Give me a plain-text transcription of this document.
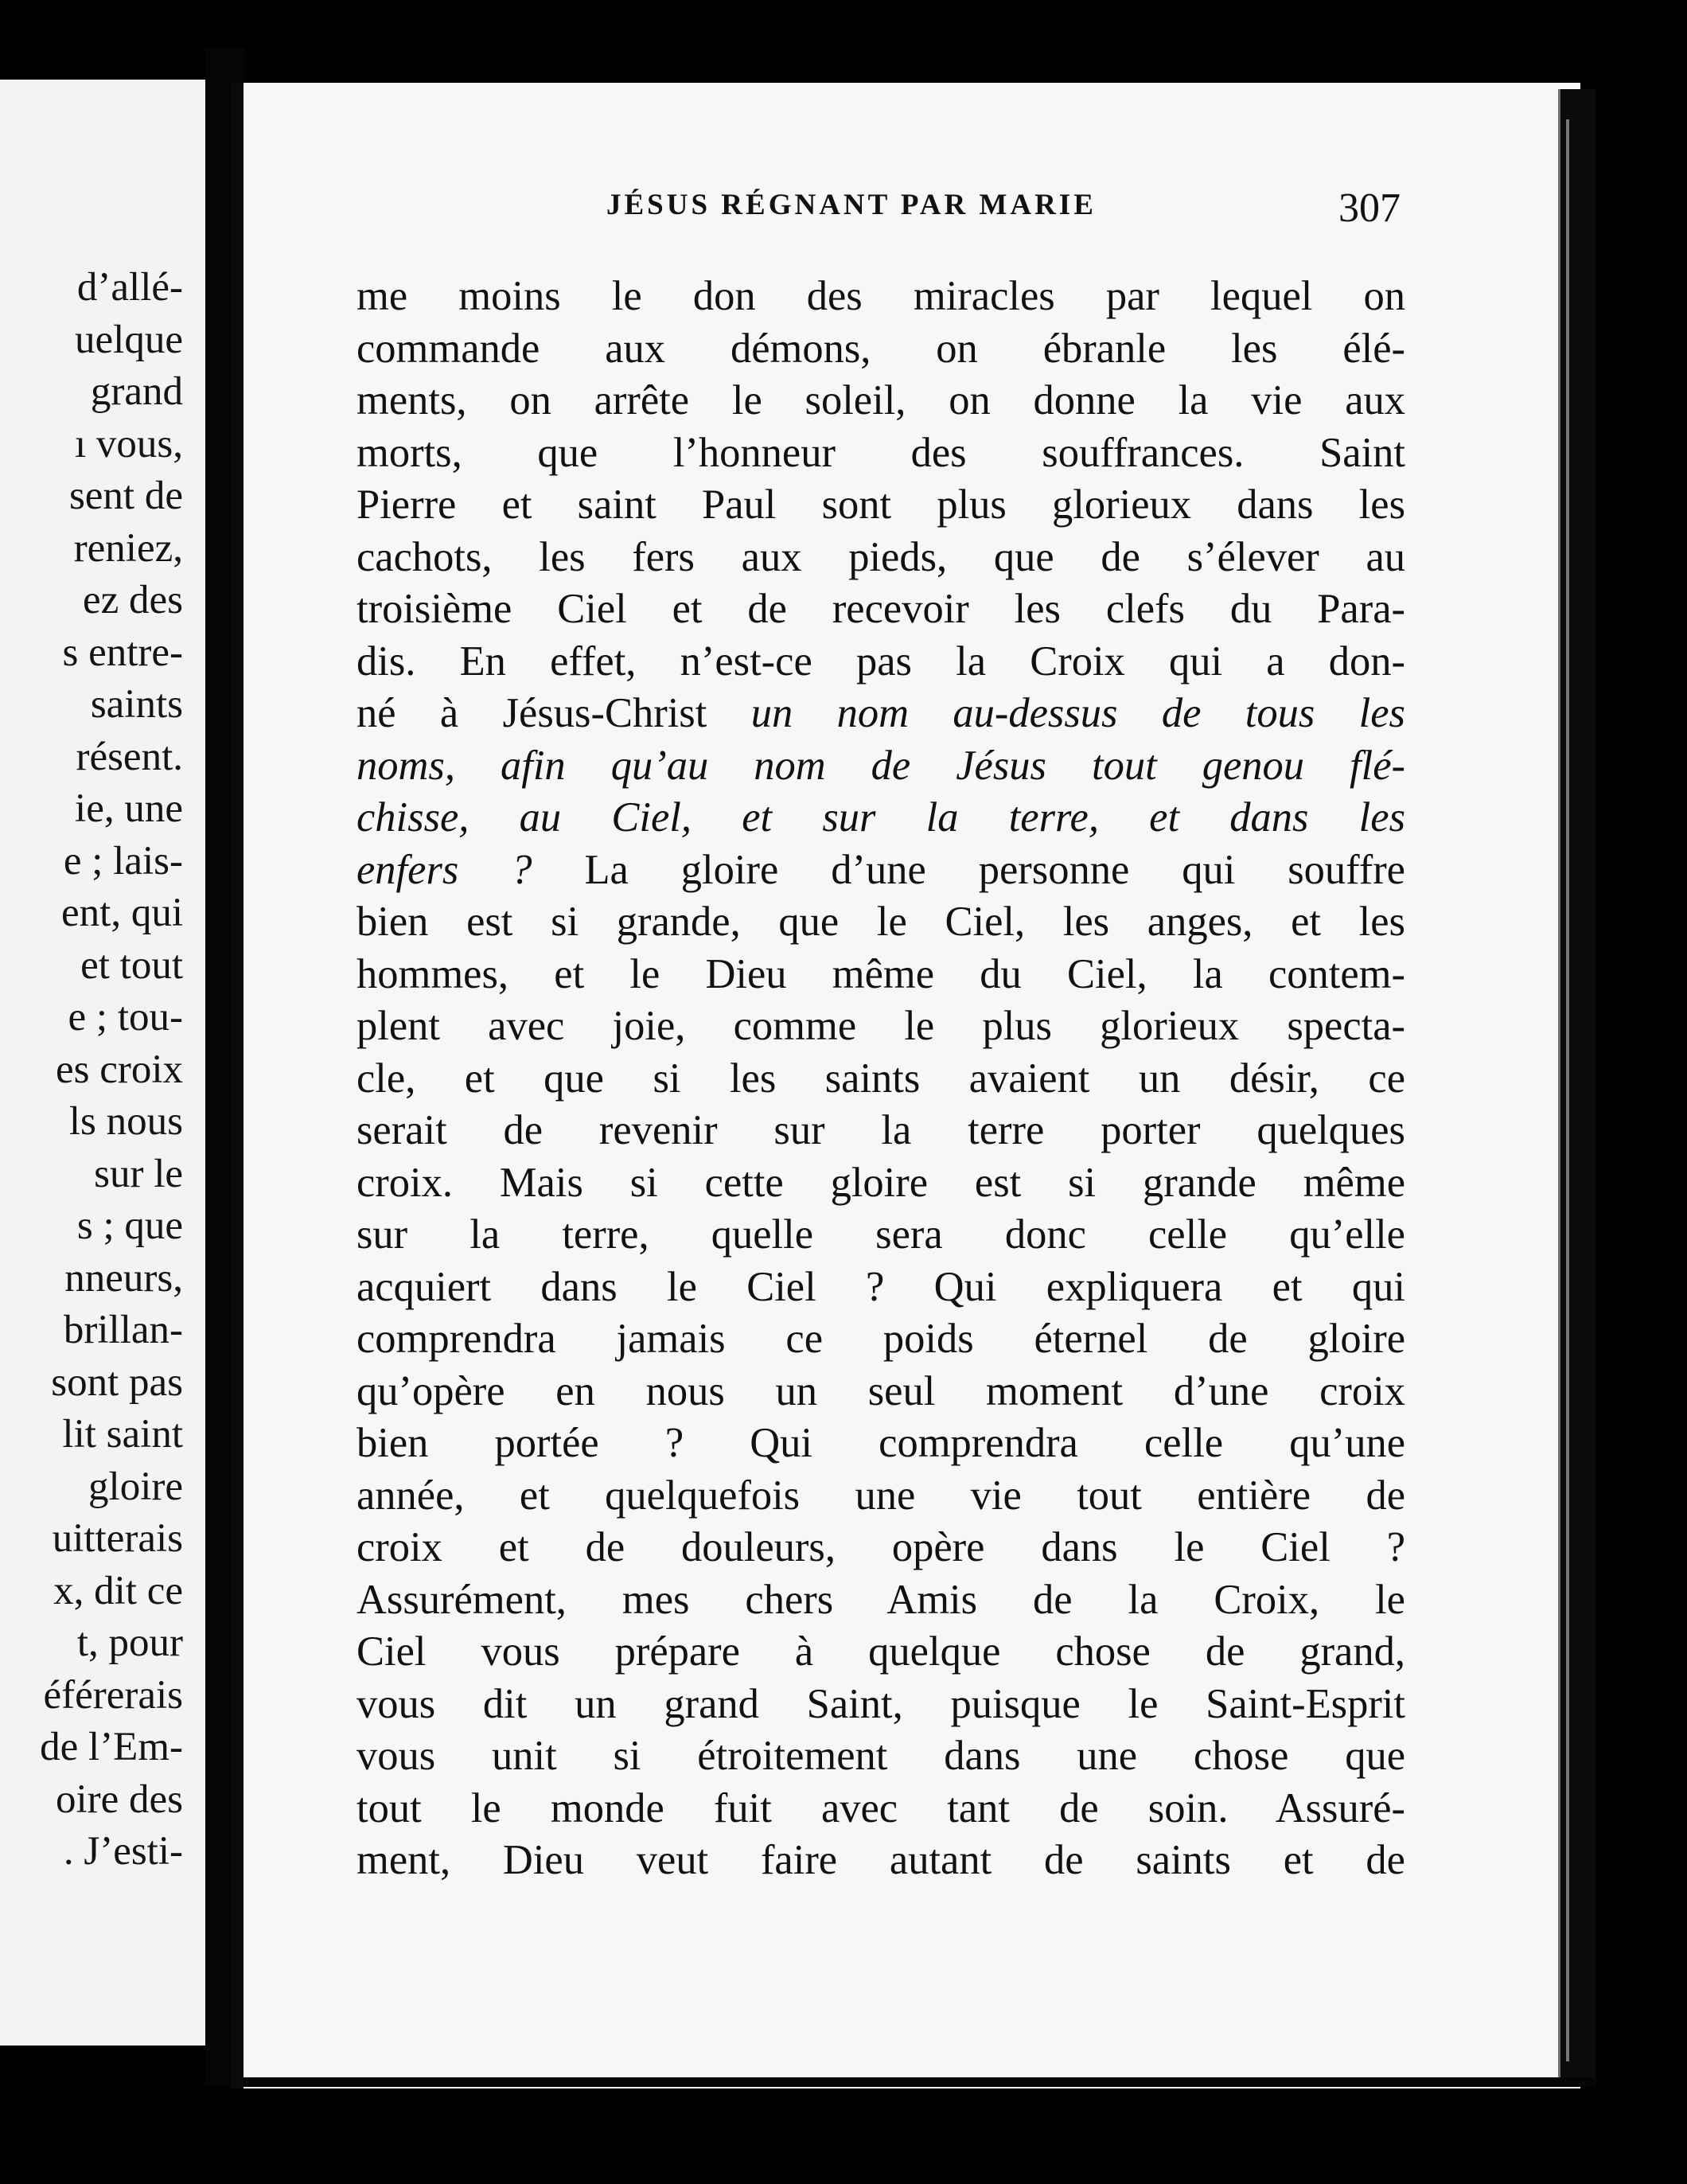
d’allé-
uelque
grand
ı vous,
sent de
reniez,
ez des
s entre-
saints
résent.
ie, une
e ; lais-
ent, qui
et tout
e ; tou-
es croix
ls nous
sur le
s ; que
nneurs,
brillan-
sont pas
lit saint
gloire
uitterais
x, dit ce
t, pour
éférerais
de l’Em-
oire des
. J’esti-
JÉSUS RÉGNANT PAR MARIE	307
me moins le don des miracles par lequel on
commande aux démons, on ébranle les élé-
ments, on arrête le soleil, on donne la vie aux
morts, que l’honneur des souffrances. Saint
Pierre et saint Paul sont plus glorieux dans les
cachots, les fers aux pieds, que de s’élever au
troisième Ciel et de recevoir les clefs du Para-
dis. En effet, n’est-ce pas la Croix qui a don-
né à Jésus-Christ un nom au-dessus de tous les
noms, afin qu’au nom de Jésus tout genou flé-
chisse, au Ciel, et sur la terre, et dans les
enfers ? La gloire d’une personne qui souffre
bien est si grande, que le Ciel, les anges, et les
hommes, et le Dieu même du Ciel, la contem-
plent avec joie, comme le plus glorieux specta-
cle, et que si les saints avaient un désir, ce
serait de revenir sur la terre porter quelques
croix. Mais si cette gloire est si grande même
sur la terre, quelle sera donc celle qu’elle
acquiert dans le Ciel ? Qui expliquera et qui
comprendra jamais ce poids éternel de gloire
qu’opère en nous un seul moment d’une croix
bien portée ? Qui comprendra celle qu’une
année, et quelquefois une vie tout entière de
croix et de douleurs, opère dans le Ciel ?
Assurément, mes chers Amis de la Croix, le
Ciel vous prépare à quelque chose de grand,
vous dit un grand Saint, puisque le Saint-Esprit
vous unit si étroitement dans une chose que
tout le monde fuit avec tant de soin. Assuré-
ment, Dieu veut faire autant de saints et de
